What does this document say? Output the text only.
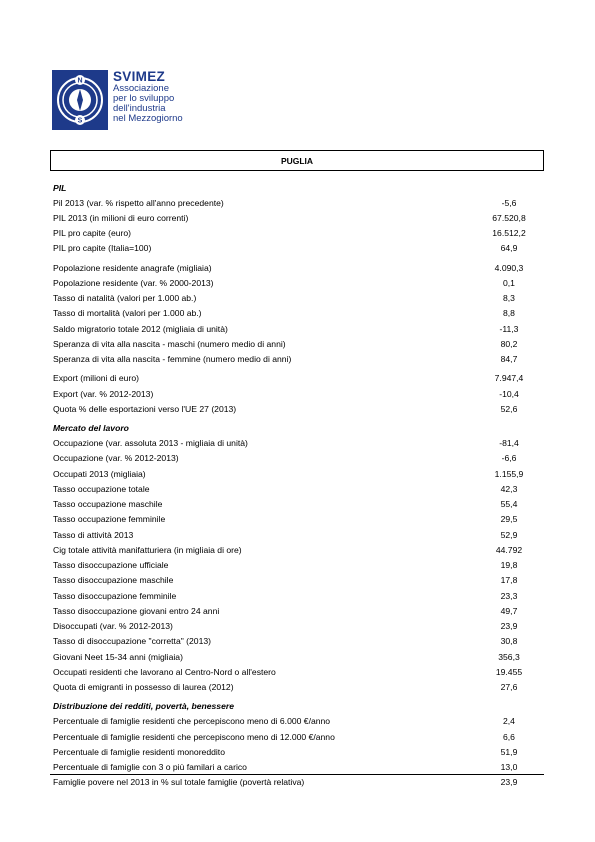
N
S
SVIMEZ
Associazione
per lo sviluppo
dell'industria
nel Mezzogiorno
PUGLIA
PIL
Pil 2013 (var. % rispetto all'anno precedente)	-5,6
PIL 2013 (in milioni di euro correnti)	67.520,8
PIL pro capite (euro)	16.512,2
PIL pro capite (Italia=100)	64,9
Popolazione residente anagrafe (migliaia)	4.090,3
Popolazione residente (var. % 2000-2013)	0,1
Tasso di natalità (valori per 1.000 ab.)	8,3
Tasso di mortalità (valori per 1.000 ab.)	8,8
Saldo migratorio totale 2012 (migliaia di unità)	-11,3
Speranza di vita alla nascita - maschi (numero medio di anni)	80,2
Speranza di vita alla nascita - femmine (numero medio di anni)	84,7
Export (milioni di euro)	7.947,4
Export (var. % 2012-2013)	-10,4
Quota % delle esportazioni verso l'UE 27 (2013)	52,6
Mercato del lavoro
Occupazione (var. assoluta 2013 - migliaia di unità)	-81,4
Occupazione (var. % 2012-2013)	-6,6
Occupati 2013 (migliaia)	1.155,9
Tasso occupazione totale	42,3
Tasso occupazione maschile	55,4
Tasso occupazione femminile	29,5
Tasso di attività 2013	52,9
Cig totale attività manifatturiera (in migliaia di ore)	44.792
Tasso disoccupazione ufficiale	19,8
Tasso disoccupazione maschile	17,8
Tasso disoccupazione femminile	23,3
Tasso disoccupazione giovani entro 24 anni	49,7
Disoccupati (var. % 2012-2013)	23,9
Tasso di disoccupazione "corretta" (2013)	30,8
Giovani Neet 15-34 anni (migliaia)	356,3
Occupati residenti che lavorano al Centro-Nord o all'estero	19.455
Quota di emigranti in possesso di laurea (2012)	27,6
Distribuzione dei redditi, povertà, benessere
Percentuale di famiglie residenti che percepiscono meno di 6.000 €/anno	2,4
Percentuale di famiglie residenti che percepiscono meno di 12.000 €/anno	6,6
Percentuale di famiglie residenti monoreddito	51,9
Percentuale di famiglie con 3 o più familari a carico	13,0
Famiglie povere nel 2013 in % sul totale famiglie (povertà relativa)	23,9
